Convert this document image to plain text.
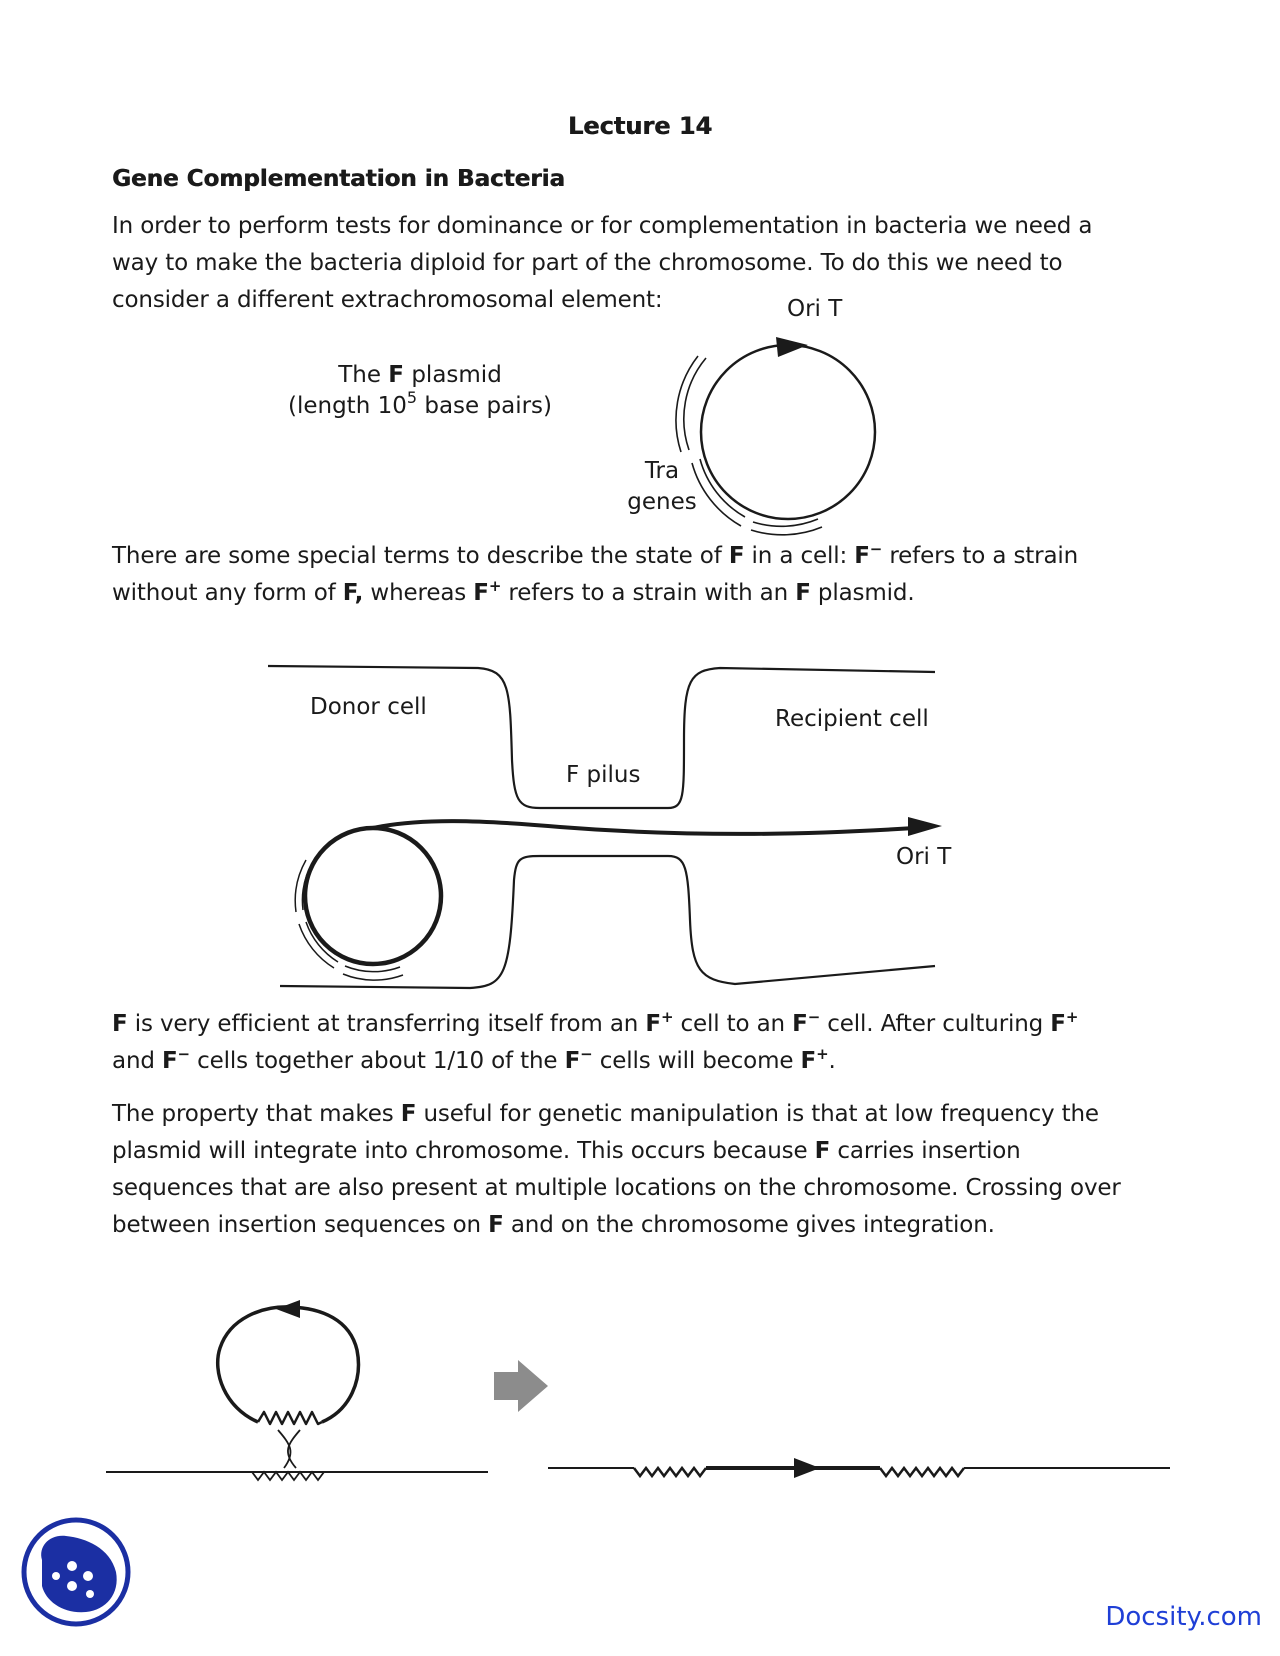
Lecture 14
Gene Complementation in Bacteria
In order to perform tests for dominance or for complementation in bacteria we need a
way to make the bacteria diploid for part of the chromosome. To do this we need to
consider a different extrachromosomal element:	Ori T
The F plasmid
(length $10^5$ base pairs)
Tra
genes
There are some special terms to describe the state of F in a cell: F− refers to a strain
without any form of F, whereas F+ refers to a strain with an F plasmid.
Donor cell	Recipient cell
F pilus
Ori T
F is very efficient at transferring itself from an F+ cell to an F− cell. After culturing F+
and F− cells together about 1/10 of the F− cells will become F+.
The property that makes F useful for genetic manipulation is that at low frequency the
plasmid will integrate into chromosome. This occurs because F carries insertion
sequences that are also present at multiple locations on the chromosome. Crossing over
between insertion sequences on F and on the chromosome gives integration.
Docsity.com
